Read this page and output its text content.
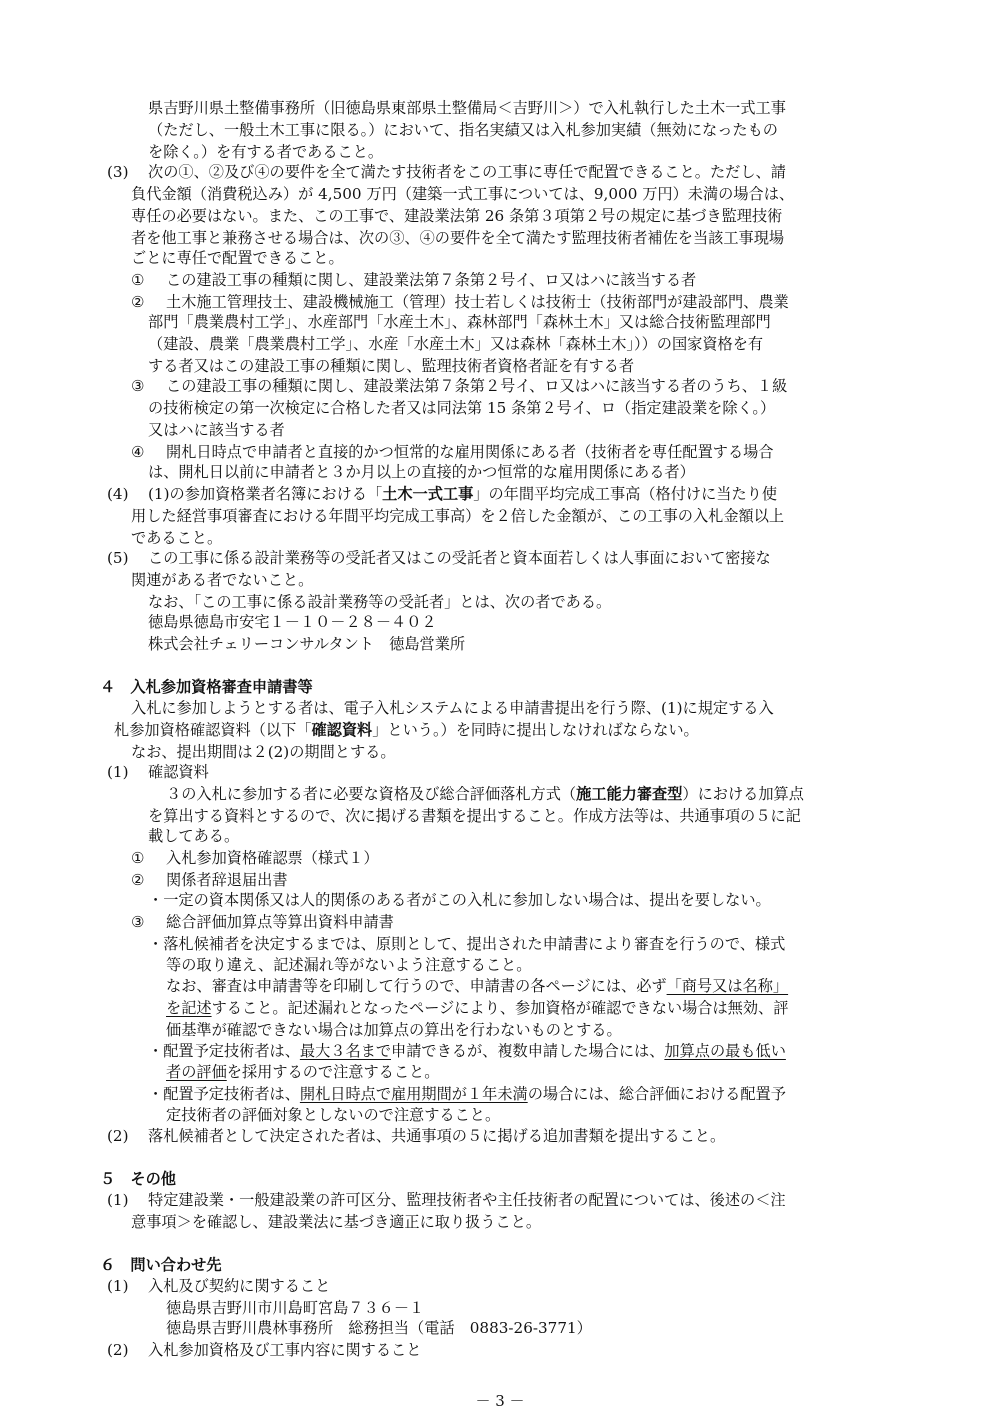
県吉野川県土整備事務所（旧徳島県東部県土整備局＜吉野川＞）で入札執行した土木一式工事
（ただし、一般土木工事に限る。）において、指名実績又は入札参加実績（無効になったもの
を除く。）を有する者であること。
(3) 次の①、②及び④の要件を全て満たす技術者をこの工事に専任で配置できること。ただし、請
負代金額（消費税込み）が 4,500 万円（建築一式工事については、9,000 万円）未満の場合は、
専任の必要はない。また、この工事で、建設業法第 26 条第３項第２号の規定に基づき監理技術
者を他工事と兼務させる場合は、次の③、④の要件を全て満たす監理技術者補佐を当該工事現場
ごとに専任で配置できること。
① この建設工事の種類に関し、建設業法第７条第２号イ、ロ又はハに該当する者
② 土木施工管理技士、建設機械施工（管理）技士若しくは技術士（技術部門が建設部門、農業
部門「農業農村工学」、水産部門「水産土木」、森林部門「森林土木」又は総合技術監理部門
（建設、農業「農業農村工学」、水産「水産土木」又は森林「森林土木」））の国家資格を有
する者又はこの建設工事の種類に関し、監理技術者資格者証を有する者
③ この建設工事の種類に関し、建設業法第７条第２号イ、ロ又はハに該当する者のうち、１級
の技術検定の第一次検定に合格した者又は同法第 15 条第２号イ、ロ（指定建設業を除く。）
又はハに該当する者
④ 開札日時点で申請者と直接的かつ恒常的な雇用関係にある者（技術者を専任配置する場合
は、開札日以前に申請者と３か月以上の直接的かつ恒常的な雇用関係にある者）
(4) (1)の参加資格業者名簿における「土木一式工事」の年間平均完成工事高（格付けに当たり使
用した経営事項審査における年間平均完成工事高）を２倍した金額が、この工事の入札金額以上
であること。
(5) この工事に係る設計業務等の受託者又はこの受託者と資本面若しくは人事面において密接な
関連がある者でないこと。
なお、「この工事に係る設計業務等の受託者」とは、次の者である。
徳島県徳島市安宅１－１０－２８－４０２
株式会社チェリーコンサルタント　徳島営業所
４　入札参加資格審査申請書等
入札に参加しようとする者は、電子入札システムによる申請書提出を行う際、(1)に規定する入
札参加資格確認資料（以下「確認資料」という。）を同時に提出しなければならない。
なお、提出期間は２(2)の期間とする。
(1) 確認資料
３の入札に参加する者に必要な資格及び総合評価落札方式（施工能力審査型）における加算点
を算出する資料とするので、次に掲げる書類を提出すること。作成方法等は、共通事項の５に記
載してある。
① 入札参加資格確認票（様式１）
② 関係者辞退届出書
・一定の資本関係又は人的関係のある者がこの入札に参加しない場合は、提出を要しない。
③ 総合評価加算点等算出資料申請書
・落札候補者を決定するまでは、原則として、提出された申請書により審査を行うので、様式
等の取り違え、記述漏れ等がないよう注意すること。
なお、審査は申請書等を印刷して行うので、申請書の各ページには、必ず「商号又は名称」
を記述すること。記述漏れとなったページにより、参加資格が確認できない場合は無効、評
価基準が確認できない場合は加算点の算出を行わないものとする。
・配置予定技術者は、最大３名まで申請できるが、複数申請した場合には、加算点の最も低い
者の評価を採用するので注意すること。
・配置予定技術者は、開札日時点で雇用期間が１年未満の場合には、総合評価における配置予
定技術者の評価対象としないので注意すること。
(2) 落札候補者として決定された者は、共通事項の５に掲げる追加書類を提出すること。
５　その他
(1) 特定建設業・一般建設業の許可区分、監理技術者や主任技術者の配置については、後述の＜注
意事項＞を確認し、建設業法に基づき適正に取り扱うこと。
６　問い合わせ先
(1) 入札及び契約に関すること
徳島県吉野川市川島町宮島７３６－１
徳島県吉野川農林事務所　総務担当（電話　0883-26-3771）
(2) 入札参加資格及び工事内容に関すること
－ 3 －
